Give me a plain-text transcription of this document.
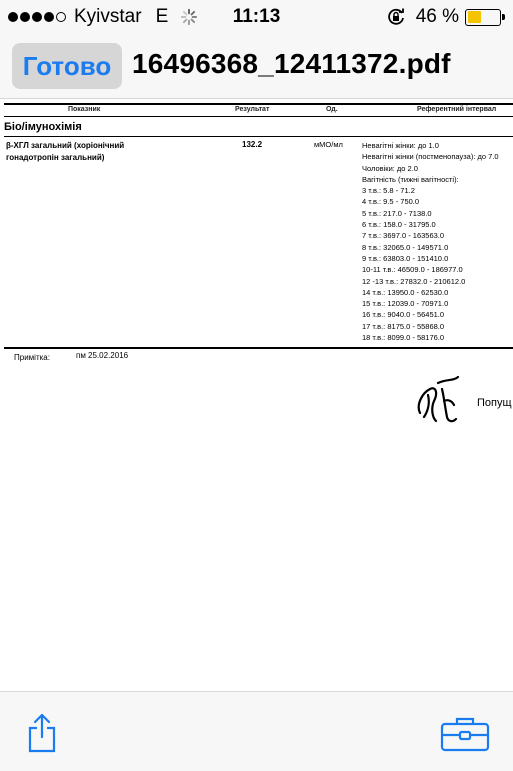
Kyivstar E	11:13	46 %
Готово 16496368_12411372.pdf
Показник	Результат	Од.	Референтний інтервал
Біо/імунохімія
β-ХГЛ загальний (хоріонічний гонадотропін загальний)
132.2	мМО/мл	Невагітні жінки: до 1.0
Невагітні жінки (постменопауза): до 7.0
Чоловіки: до 2.0
Вагітність (тижні вагітності):
3 т.в.: 5.8 - 71.2
4 т.в.: 9.5 - 750.0
5 т.в.: 217.0 - 7138.0
6 т.в.: 158.0 - 31795.0
7 т.в.: 3697.0 - 163563.0
8 т.в.: 32065.0 - 149571.0
9 т.в.: 63803.0 - 151410.0
10-11 т.в.: 46509.0 - 186977.0
12 -13 т.в.: 27832.0 - 210612.0
14 т.в.: 13950.0 - 62530.0
15 т.в.: 12039.0 - 70971.0
16 т.в.: 9040.0 - 56451.0
17 т.в.: 8175.0 - 55868.0
18 т.в.: 8099.0 - 58176.0
Примітка:	пм 25.02.2016
Попущ
